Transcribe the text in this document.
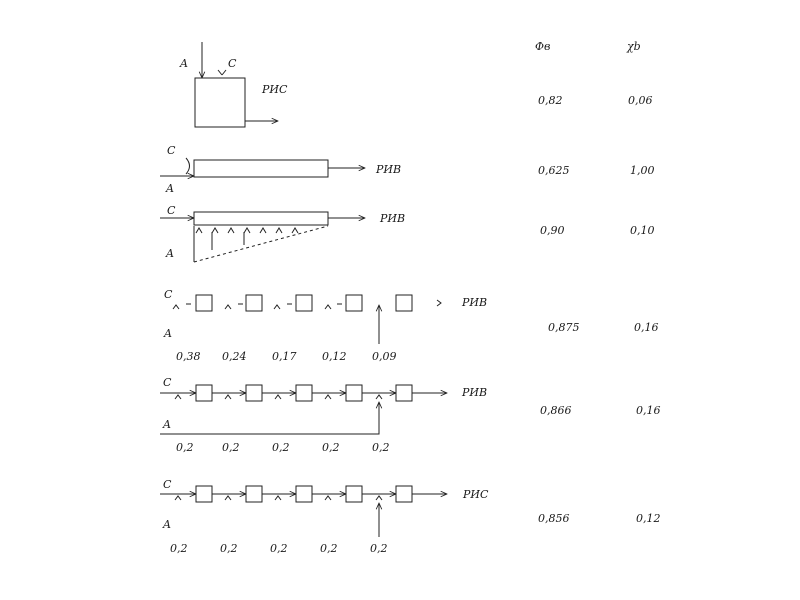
Φв	χb
A	C
РИС
0,82	0,06
C
A
РИВ	0,625	1,00
C
A
РИВ
0,90	0,10
C
A
РИВ
0,38 0,24 0,17 0,12 0,09
0,875	0,16
C
A
РИВ
0,2	0,2	0,2	0,2	0,2
0,866	0,16
C
A
РИС
0,2	0,2	0,2	0,2	0,2
0,856	0,12
